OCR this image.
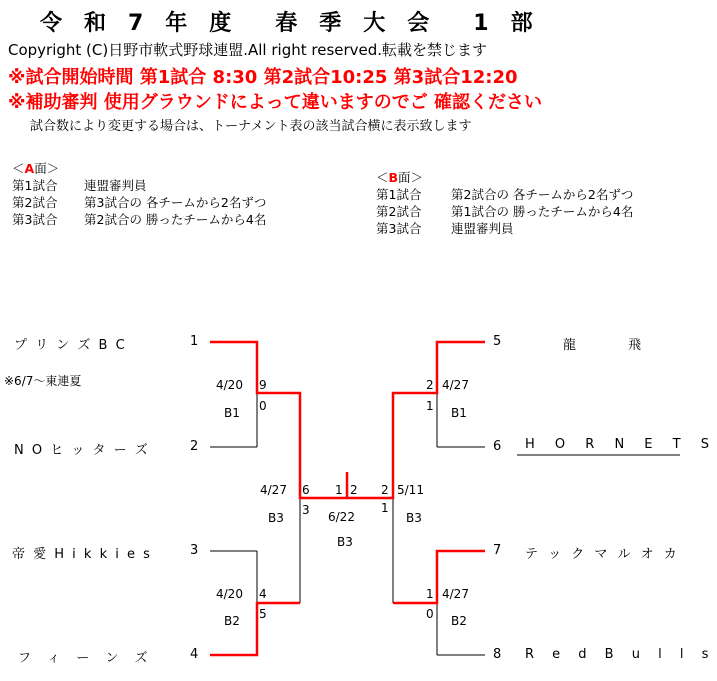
令　和　7　年　度　　春　季　大　会　　1　部
Copyright (C)日野市軟式野球連盟.All right reserved.転載を禁じます
※試合開始時間 第1試合 8:30 第2試合10:25 第3試合12:20
※補助審判 使用グラウンドによって違いますのでご 確認ください
試合数により変更する場合は、トーナメント表の該当試合横に表示致します
＜A面＞
第1試合 連盟審判員
第2試合 第3試合の 各チームから2名ずつ
第3試合 第2試合の 勝ったチームから4名
＜B面＞
第1試合 第2試合の 各チームから2名ずつ
第2試合 第1試合の 勝ったチームから4名
第3試合 連盟審判員
プ リ ン ズ B C	1
※6/7〜東連夏
N O ヒ ッ タ ー ズ	2
帝 愛 H i k k i e s	3
フ ィ ー ン ズ	4
5	龍　　　　飛
6 H O R N E T S
7 テ ッ ク マ ル オ カ
8 R e d B u l l s
4/20 9
0
B1
4/20 4
5
B2
4/27 6
3
B3
1 2
6/22
B3
2
1
5/11
B3
2
1
4/27
B1
1
0
4/27
B2
